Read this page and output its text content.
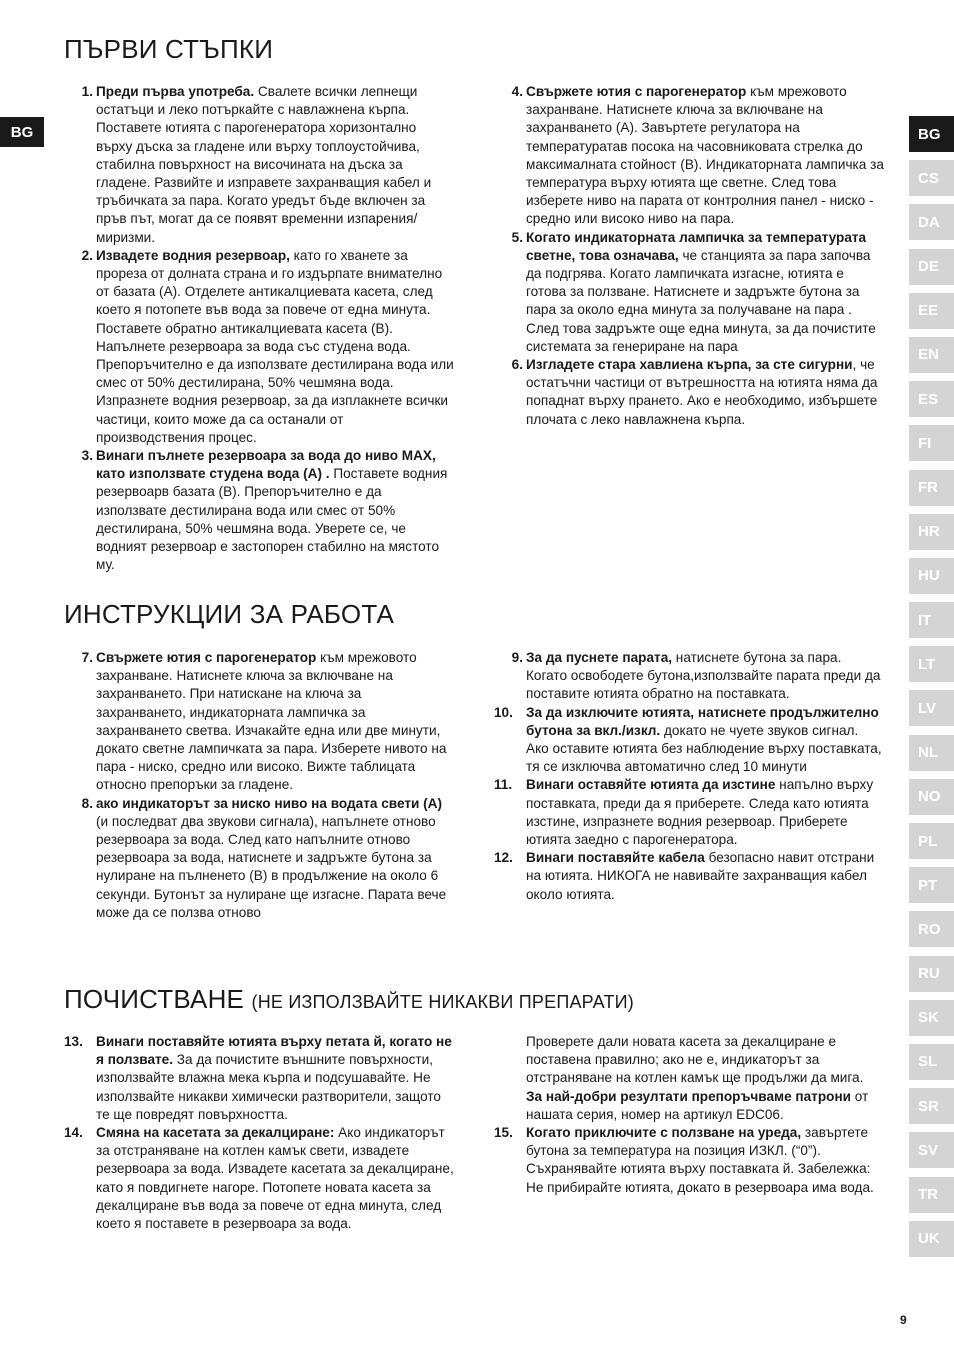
BG
ПЪРВИ СТЪПКИ
1. Преди първа употреба. Свалете всички лепнещи остатъци и леко потъркайте с навлажнена кърпа. Поставете ютията с парогенератора хоризонтално върху дъска за гладене или върху топлоустойчива, стабилна повърхност на височината на дъска за гладене. Развийте и изправете захранващия кабел и тръбичката за пара. Когато уредът бъде включен за пръв път, могат да се появят временни изпарения/ миризми.
2. Извадете водния резервоар, като го хванете за прореза от долната страна и го издърпате внимателно от базата (A). Отделете антикалциевата касета, след което я потопете във вода за повече от една минута. Поставете обратно антикалциевата касета (B). Напълнете резервоара за вода със студена вода. Препоръчително е да използвате дестилирана вода или смес от 50% дестилирана, 50% чешмяна вода. Изпразнете водния резервоар, за да изплакнете всички частици, които може да са останали от производствения процес.
3. Винаги пълнете резервоара за вода до ниво MAX, като използвате студена вода (A) . Поставете водния резервоарв базата (B). Препоръчително е да използвате дестилирана вода или смес от 50% дестилирана, 50% чешмяна вода. Уверете се, че водният резервоар е застопорен стабилно на мястото му.
4. Свържете ютия с парогенератор към мрежовото захранване. Натиснете ключа за включване на захранването (A). Завъртете регулатора на температуратав посока на часовниковата стрелка до максималната стойност (B). Индикаторната лампичка за температура върху ютията ще светне. След това изберете ниво на парата от контролния панел - ниско - средно или високо ниво на пара.
5. Когато индикаторната лампичка за температурата светне, това означава, че станцията за пара започва да подгрява. Когато лампичката изгасне, ютията е готова за ползване. Натиснете и задръжте бутона за пара за около една минута за получаване на пара . След това задръжте още една минута, за да почистите системата за генериране на пара
6. Изгладете стара хавлиена кърпа, за сте сигурни, че остатъчни частици от вътрешността на ютията няма да попаднат върху прането. Ако е необходимо, избършете плочата с леко навлажнена кърпа.
ИНСТРУКЦИИ ЗА РАБОТА
7. Свържете ютия с парогенератор към мрежовото захранване. Натиснете ключа за включване на захранването. При натискане на ключа за захранването, индикаторната лампичка за захранването светва. Изчакайте една или две минути, докато светне лампичката за пара. Изберете нивото на пара - ниско, средно или високо. Вижте таблицата относно препоръки за гладене.
8. ако индикаторът за ниско ниво на водата свети (A) (и последват два звукови сигнала), напълнете отново резервоара за вода. След като напълните отново резервоара за вода, натиснете и задръжте бутона за нулиране на пълненето (B) в продължение на около 6 секунди. Бутонът за нулиране ще изгасне. Парата вече може да се ползва отново
9. За да пуснете парата, натиснете бутона за пара. Когато освободете бутона,използвайте парата преди да поставите ютията обратно на поставката.
10. За да изключите ютията, натиснете продължително бутона за вкл./изкл. докато не чуете звуков сигнал. Ако оставите ютията без наблюдение върху поставката, тя се изключва автоматично след 10 минути
11.	Винаги оставяйте ютията да изстине напълно върху поставката, преди да я приберете. Следа като ютията изстине, изпразнете водния резервоар. Приберете ютията заедно с парогенератора.
12. Винаги поставяйте кабела безопасно навит отстрани на ютията. НИКОГА не навивайте захранващия кабел около ютията.
ПОЧИСТВАНЕ (НЕ ИЗПОЛЗВАЙТЕ НИКАКВИ ПРЕПАРАТИ)
13. Винаги поставяйте ютията върху петата й, когато не я ползвате. За да почистите външните повърхности, използвайте влажна мека кърпа и подсушавайте. Не използвайте никакви химически разтворители, защото те ще повредят повърхността.
14. Смяна на касетата за декалциране: Ако индикаторът за отстраняване на котлен камък свети, извадете резервоара за вода. Извадете касетата за декалциране, като я повдигнете нагоре. Потопете новата касета за декалциране във вода за повече от една минута, след което я поставете в резервоара за вода.
Проверете дали новата касета за декалциране е поставена правилно; ако не е, индикаторът за отстраняване на котлен камък ще продължи да мига.
За най-добри резултати препоръчваме патрони от нашата серия, номер на артикул EDC06.
15. Когато приключите с ползване на уреда, завъртете бутона за температура на позиция ИЗКЛ. (“0”). Съхранявайте ютията върху поставката й. Забележка: Не прибирайте ютията, докато в резервоара има вода.
BG
CS
DA
DE
EE
EN
ES
FI
FR
HR
HU
IT
LT
LV
NL
NO
PL
PT
RO
RU
SK
SL
SR
SV
TR
UK
9
